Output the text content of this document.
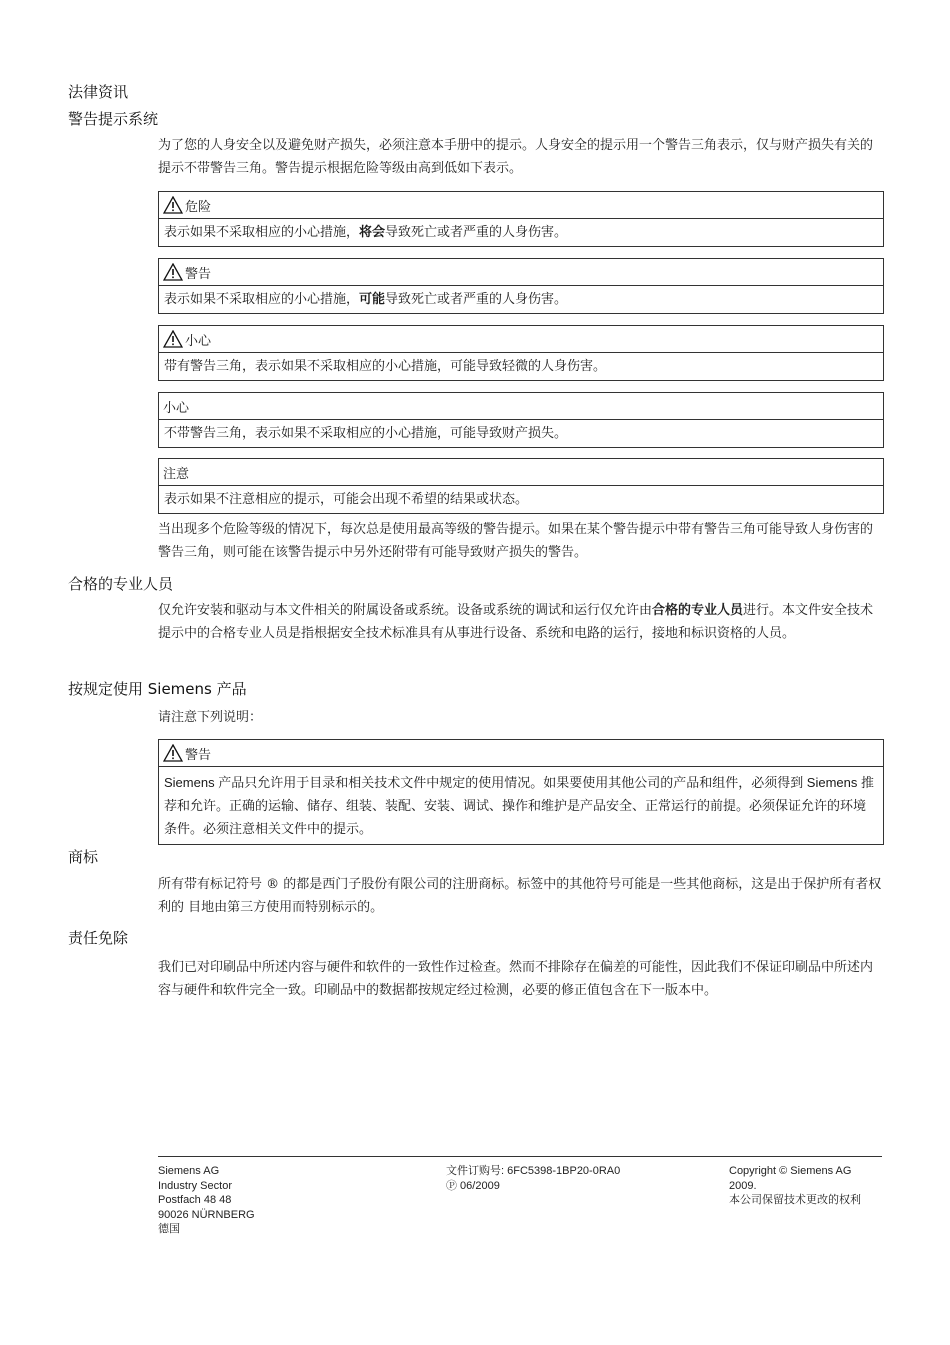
法律资讯
警告提示系统
为了您的人身安全以及避免财产损失，必须注意本手册中的提示。人身安全的提示用一个警告三角表示，仅与财产损失有关的提示不带警告三角。警告提示根据危险等级由高到低如下表示。
危险
表示如果不采取相应的小心措施，将会导致死亡或者严重的人身伤害。
警告
表示如果不采取相应的小心措施，可能导致死亡或者严重的人身伤害。
小心
带有警告三角，表示如果不采取相应的小心措施，可能导致轻微的人身伤害。
小心
不带警告三角，表示如果不采取相应的小心措施，可能导致财产损失。
注意
表示如果不注意相应的提示，可能会出现不希望的结果或状态。
当出现多个危险等级的情况下，每次总是使用最高等级的警告提示。如果在某个警告提示中带有警告三角可能导致人身伤害的警告三角，则可能在该警告提示中另外还附带有可能导致财产损失的警告。
合格的专业人员
仅允许安装和驱动与本文件相关的附属设备或系统。设备或系统的调试和运行仅允许由合格的专业人员进行。本文件安全技术提示中的合格专业人员是指根据安全技术标准具有从事进行设备、系统和电路的运行，接地和标识资格的人员。
按规定使用 Siemens 产品
请注意下列说明：
警告
Siemens 产品只允许用于目录和相关技术文件中规定的使用情况。如果要使用其他公司的产品和组件，必须得到 Siemens 推荐和允许。正确的运输、储存、组装、装配、安装、调试、操作和维护是产品安全、正常运行的前提。必须保证允许的环境条件。必须注意相关文件中的提示。
商标
所有带有标记符号 ® 的都是西门子股份有限公司的注册商标。标签中的其他符号可能是一些其他商标，这是出于保护所有者权利的 目地由第三方使用而特别标示的。
责任免除
我们已对印刷品中所述内容与硬件和软件的一致性作过检查。然而不排除存在偏差的可能性，因此我们不保证印刷品中所述内容与硬件和软件完全一致。印刷品中的数据都按规定经过检测，必要的修正值包含在下一版本中。
Siemens AG
Industry Sector
Postfach 48 48
90026 NÜRNBERG
德国
文件订购号: 6FC5398-1BP20-0RA0
Ⓟ 06/2009
Copyright © Siemens AG
2009.
本公司保留技术更改的权利
